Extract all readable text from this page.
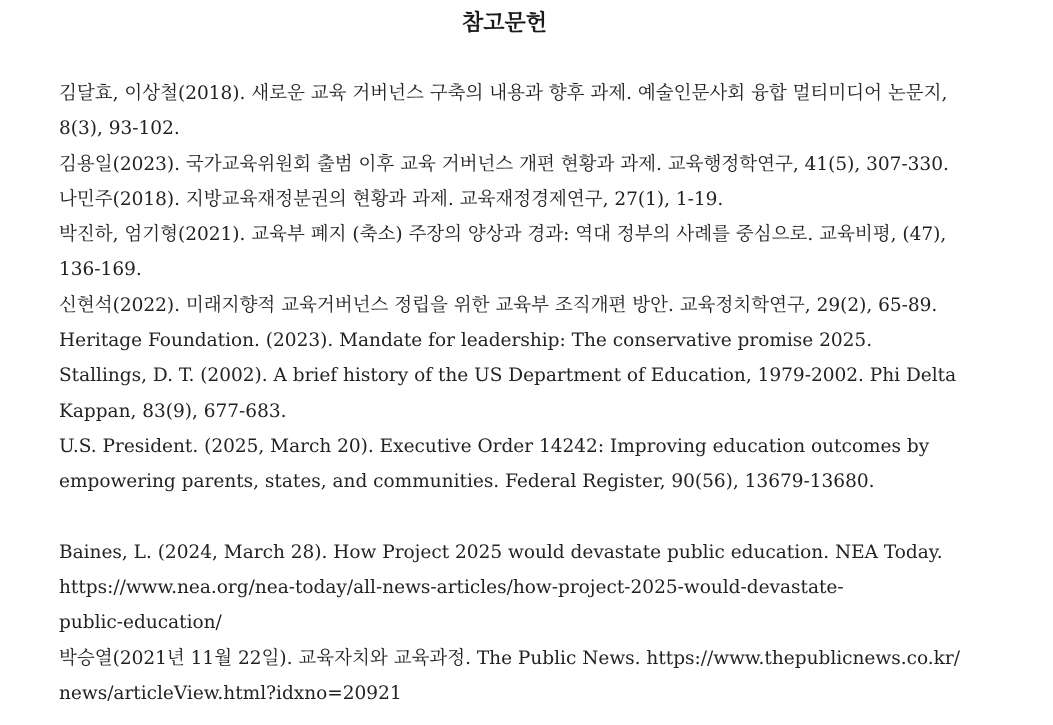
참고문헌
김달효, 이상철(2018). 새로운 교육 거버넌스 구축의 내용과 향후 과제. 예술인문사회 융합 멀티미디어 논문지,
8(3), 93-102.
김용일(2023). 국가교육위원회 출범 이후 교육 거버넌스 개편 현황과 과제. 교육행정학연구, 41(5), 307-330.
나민주(2018). 지방교육재정분권의 현황과 과제. 교육재정경제연구, 27(1), 1-19.
박진하, 엄기형(2021). 교육부 폐지 (축소) 주장의 양상과 경과: 역대 정부의 사례를 중심으로. 교육비평, (47),
136-169.
신현석(2022). 미래지향적 교육거버넌스 정립을 위한 교육부 조직개편 방안. 교육정치학연구, 29(2), 65-89.
Heritage Foundation. (2023). Mandate for leadership: The conservative promise 2025.
Stallings, D. T. (2002). A brief history of the US Department of Education, 1979-2002. Phi Delta
Kappan, 83(9), 677-683.
U.S. President. (2025, March 20). Executive Order 14242: Improving education outcomes by
empowering parents, states, and communities. Federal Register, 90(56), 13679-13680.
Baines, L. (2024, March 28). How Project 2025 would devastate public education. NEA Today.
https://www.nea.org/nea-today/all-news-articles/how-project-2025-would-devastate-
public-education/
박승열(2021년 11월 22일). 교육자치와 교육과정. The Public News. https://www.thepublicnews.co.kr/
news/articleView.html?idxno=20921
